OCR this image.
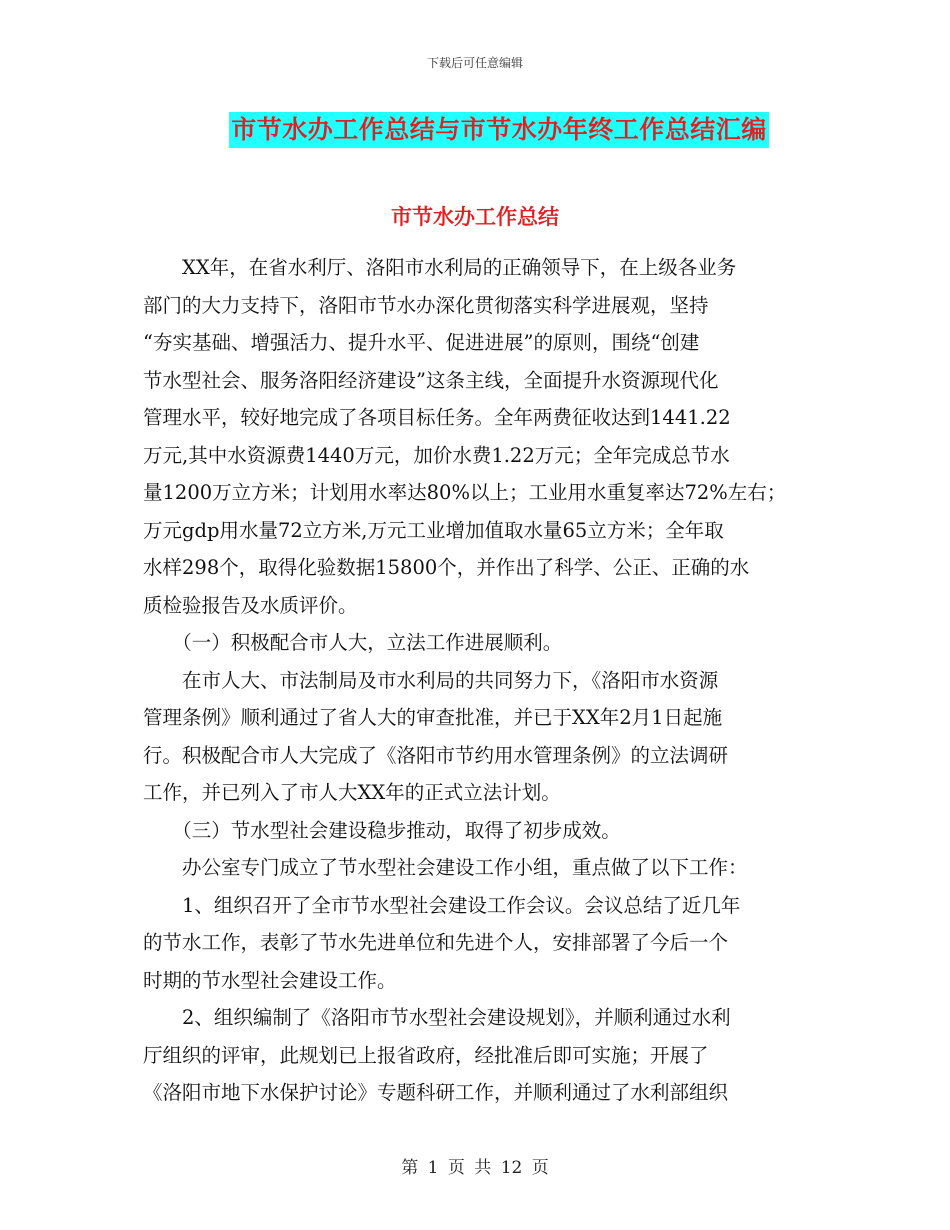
下载后可任意编辑
市节水办工作总结与市节水办年终工作总结汇编
市节水办工作总结

　　XX年，在省水利厅、洛阳市水利局的正确领导下，在上级各业务

部门的大力支持下，洛阳市节水办深化贯彻落实科学进展观，坚持

“夯实基础、增强活力、提升水平、促进进展”的原则，围绕“创建

节水型社会、服务洛阳经济建设”这条主线，全面提升水资源现代化

管理水平，较好地完成了各项目标任务。全年两费征收达到1441.22

万元,其中水资源费1440万元，加价水费1.22万元；全年完成总节水

量1200万立方米；计划用水率达80%以上；工业用水重复率达72%左右；

万元gdp用水量72立方米,万元工业增加值取水量65立方米；全年取

水样298个，取得化验数据15800个，并作出了科学、公正、正确的水

质检验报告及水质评价。

　　（一）积极配合市人大，立法工作进展顺利。

　　在市人大、市法制局及市水利局的共同努力下，《洛阳市水资源

管理条例》顺利通过了省人大的审查批准，并已于XX年2月1日起施

行。积极配合市人大完成了《洛阳市节约用水管理条例》的立法调研

工作，并已列入了市人大XX年的正式立法计划。

　　（三）节水型社会建设稳步推动，取得了初步成效。

　　办公室专门成立了节水型社会建设工作小组，重点做了以下工作：

　　1、组织召开了全市节水型社会建设工作会议。会议总结了近几年

的节水工作，表彰了节水先进单位和先进个人，安排部署了今后一个

时期的节水型社会建设工作。

　　2、组织编制了《洛阳市节水型社会建设规划》，并顺利通过水利

厅组织的评审，此规划已上报省政府，经批准后即可实施；开展了

《洛阳市地下水保护讨论》专题科研工作，并顺利通过了水利部组织

第 1 页 共 12 页
